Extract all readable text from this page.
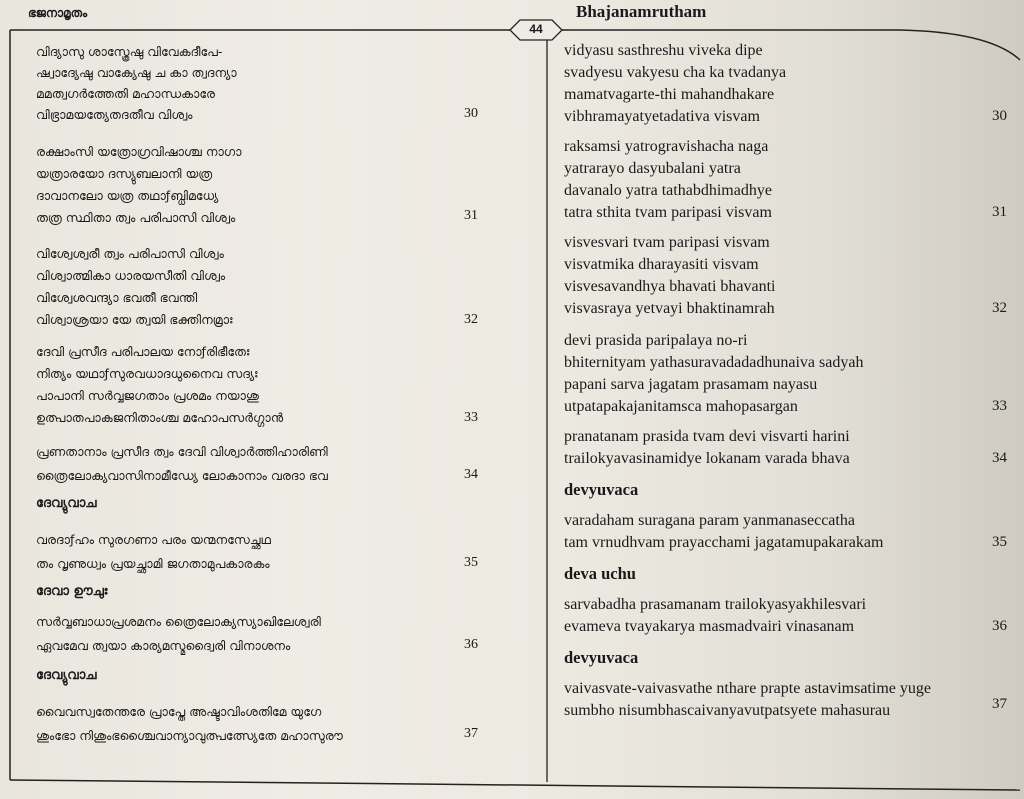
ഭജനാമൃതം	Bhajanamrutham
44
വിദ്യാസു ശാസ്ത്രേഷു വിവേകദീപേ-
ഷ്വാദ്യേഷു വാക്യേഷു ച കാ ത്വദന്യാ
മമത്വഗർത്തേതി മഹാന്ധകാരേ
വിഭ്രാമയത്യേതദതീവ വിശ്വം	30
രക്ഷാംസി യത്രോഗ്രവിഷാശ്ച നാഗാ
യത്രാരയോ ദസ്യുബലാനി യത്ര
ദാവാനലോ യത്ര തഥാƒബ്ധിമധ്യേ
തത്ര സ്ഥിതാ ത്വം പരിപാസി വിശ്വം	31
വിശ്വേശ്വരീ ത്വം പരിപാസി വിശ്വം
വിശ്വാത്മികാ ധാരയസീതി വിശ്വം
വിശ്വേശവന്ദ്യാ ഭവതീ ഭവന്തി
വിശ്വാശ്രയാ യേ ത്വയി ഭക്തിനമ്രാഃ	32
ദേവി പ്രസീദ പരിപാലയ നോƒരിഭീതേഃ
നിത്യം യഥാƒസുരവധാദധുനൈവ സദ്യഃ
പാപാനി സർവ്വജഗതാം പ്രശമം നയാശു
ഉത്പാതപാകജനിതാംശ്ച മഹോപസർഗ്ഗാൻ	33
പ്രണതാനാം പ്രസീദ ത്വം ദേവി വിശ്വാർത്തിഹാരിണി
ത്രൈലോക്യവാസിനാമീഡ്യേ ലോകാനാം വരദാ ഭവ	34
ദേവ്യുവാച
വരദാƒഹം സുരഗണാ പരം യന്മനസേച്ഛഥ
തം വൃണുധ്വം പ്രയച്ഛാമി ജഗതാമുപകാരകം	35
ദേവാ ഊചുഃ
സർവ്വബാധാപ്രശമനം ത്രൈലോക്യസ്യാഖിലേശ്വരി
ഏവമേവ ത്വയാ കാര്യമസ്മദ്വൈരി വിനാശനം	36
ദേവ്യുവാച
വൈവസ്വതേന്തരേ പ്രാപ്തേ അഷ്ടാവിംശതിമേ യുഗേ
ശുംഭോ നിശുംഭശ്ചൈവാന്യാവുത്പത്സ്യേതേ മഹാസുരൗ	37
vidyasu sasthreshu viveka dipe
svadyesu vakyesu cha ka tvadanya
mamatvagarte-thi mahandhakare
vibhramayatyetadativa visvam	30
raksamsi yatrogravishacha naga
yatrarayo dasyubalani yatra
davanalo yatra tathabdhimadhye
tatra sthita tvam paripasi visvam	31
visvesvari tvam paripasi visvam
visvatmika dharayasiti visvam
visvesavandhya bhavati bhavanti
visvasraya yetvayi bhaktinamrah	32
devi prasida paripalaya no-ri
bhiternityam yathasuravadadadhunaiva sadyah
papani sarva jagatam prasamam nayasu
utpatapakajanitamsca mahopasargan	33
pranatanam prasida tvam devi visvarti harini
trailokyavasinamidye lokanam varada bhava	34
devyuvaca
varadaham suragana param yanmanaseccatha
tam vrnudhvam prayacchami jagatamupakarakam	35
deva uchu
sarvabadha prasamanam trailokyasyakhilesvari
evameva tvayakarya masmadvairi vinasanam	36
devyuvaca
vaivasvate-vaivasvathe nthare prapte astavimsatime yuge
sumbho nisumbhascaivanyavutpatsyete mahasurau	37
